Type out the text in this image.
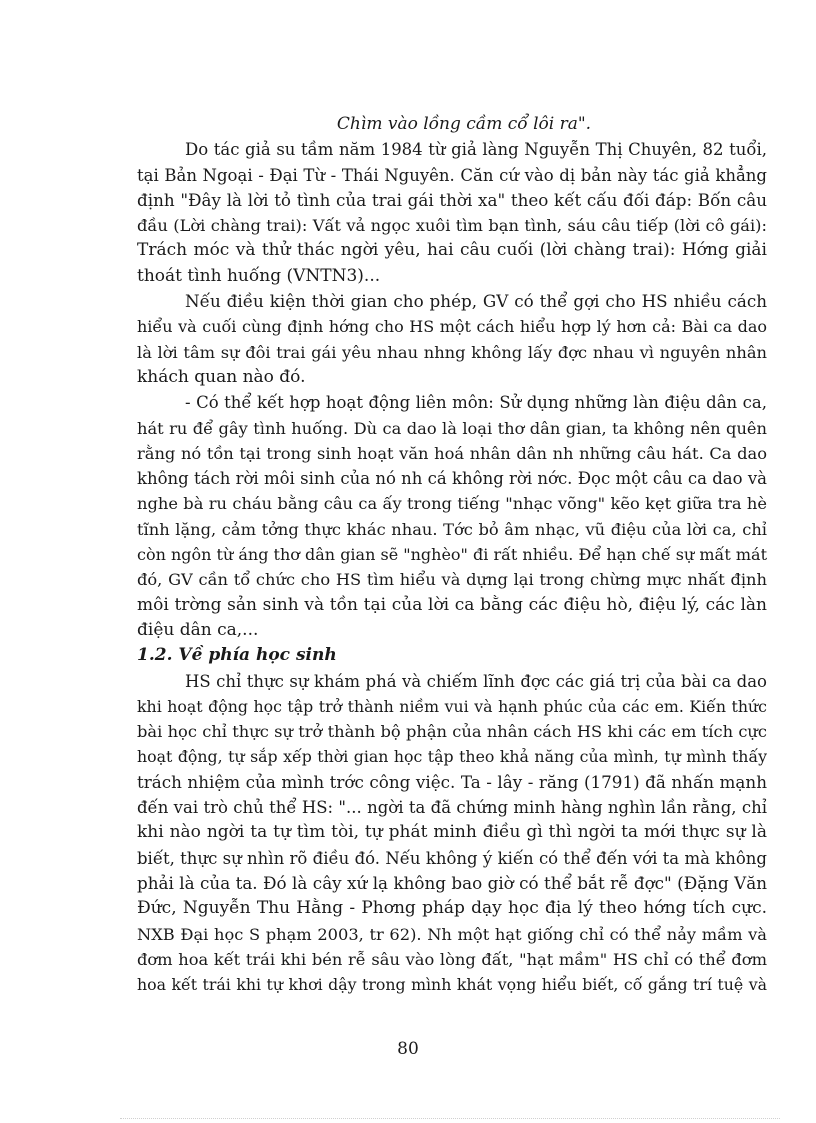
Chìm vào lồng cầm cổ lôi ra".
Do tác giả su tầm năm 1984 từ giả làng Nguyễn Thị Chuyên, 82 tuổi,
tại Bản Ngoại - Đại Từ - Thái Nguyên. Căn cứ vào dị bản này tác giả khẳng
định "Đây là lời tỏ tình của trai gái thời xa" theo kết cấu đối đáp: Bốn câu
đầu (Lời chàng trai): Vất vả ngọc xuôi tìm bạn tình, sáu câu tiếp (lời cô gái):
Trách móc và thử thác ngời yêu, hai câu cuối (lời chàng trai): Hớng giải
thoát tình huống (VNTN3)...
Nếu điều kiện thời gian cho phép, GV có thể gợi cho HS nhiều cách
hiểu và cuối cùng định hớng cho HS một cách hiểu hợp lý hơn cả: Bài ca dao
là lời tâm sự đôi trai gái yêu nhau nhng không lấy đợc nhau vì nguyên nhân
khách quan nào đó.
- Có thể kết hợp hoạt động liên môn: Sử dụng những làn điệu dân ca,
hát ru để gây tình huống. Dù ca dao là loại thơ dân gian, ta không nên quên
rằng nó tồn tại trong sinh hoạt văn hoá nhân dân nh những câu hát. Ca dao
không tách rời môi sinh của nó nh cá không rời nớc. Đọc một câu ca dao và
nghe bà ru cháu bằng câu ca ấy trong tiếng "nhạc võng" kẽo kẹt giữa tra hè
tĩnh lặng, cảm tởng thực khác nhau. Tớc bỏ âm nhạc, vũ điệu của lời ca, chỉ
còn ngôn từ áng thơ dân gian sẽ "nghèo" đi rất nhiều. Để hạn chế sự mất mát
đó, GV cần tổ chức cho HS tìm hiểu và dựng lại trong chừng mực nhất định
môi trờng sản sinh và tồn tại của lời ca bằng các điệu hò, điệu lý, các làn
điệu dân ca,...
1.2. Về phía học sinh
HS chỉ thực sự khám phá và chiếm lĩnh đợc các giá trị của bài ca dao
khi hoạt động học tập trở thành niềm vui và hạnh phúc của các em. Kiến thức
bài học chỉ thực sự trở thành bộ phận của nhân cách HS khi các em tích cực
hoạt động, tự sắp xếp thời gian học tập theo khả năng của mình, tự mình thấy
trách nhiệm của mình trớc công việc. Ta - lây - răng (1791) đã nhấn mạnh
đến vai trò chủ thể HS: "... ngời ta đã chứng minh hàng nghìn lần rằng, chỉ
khi nào ngời ta tự tìm tòi, tự phát minh điều gì thì ngời ta mới thực sự là
biết, thực sự nhìn rõ điều đó. Nếu không ý kiến có thể đến với ta mà không
phải là của ta. Đó là cây xứ lạ không bao giờ có thể bắt rễ đợc" (Đặng Văn
Đức, Nguyễn Thu Hằng - Phơng pháp dạy học địa lý theo hớng tích cực.
NXB Đại học S phạm 2003, tr 62). Nh một hạt giống chỉ có thể nảy mầm và
đơm hoa kết trái khi bén rễ sâu vào lòng đất, "hạt mầm" HS chỉ có thể đơm
hoa kết trái khi tự khơi dậy trong mình khát vọng hiểu biết, cố gắng trí tuệ và
80
